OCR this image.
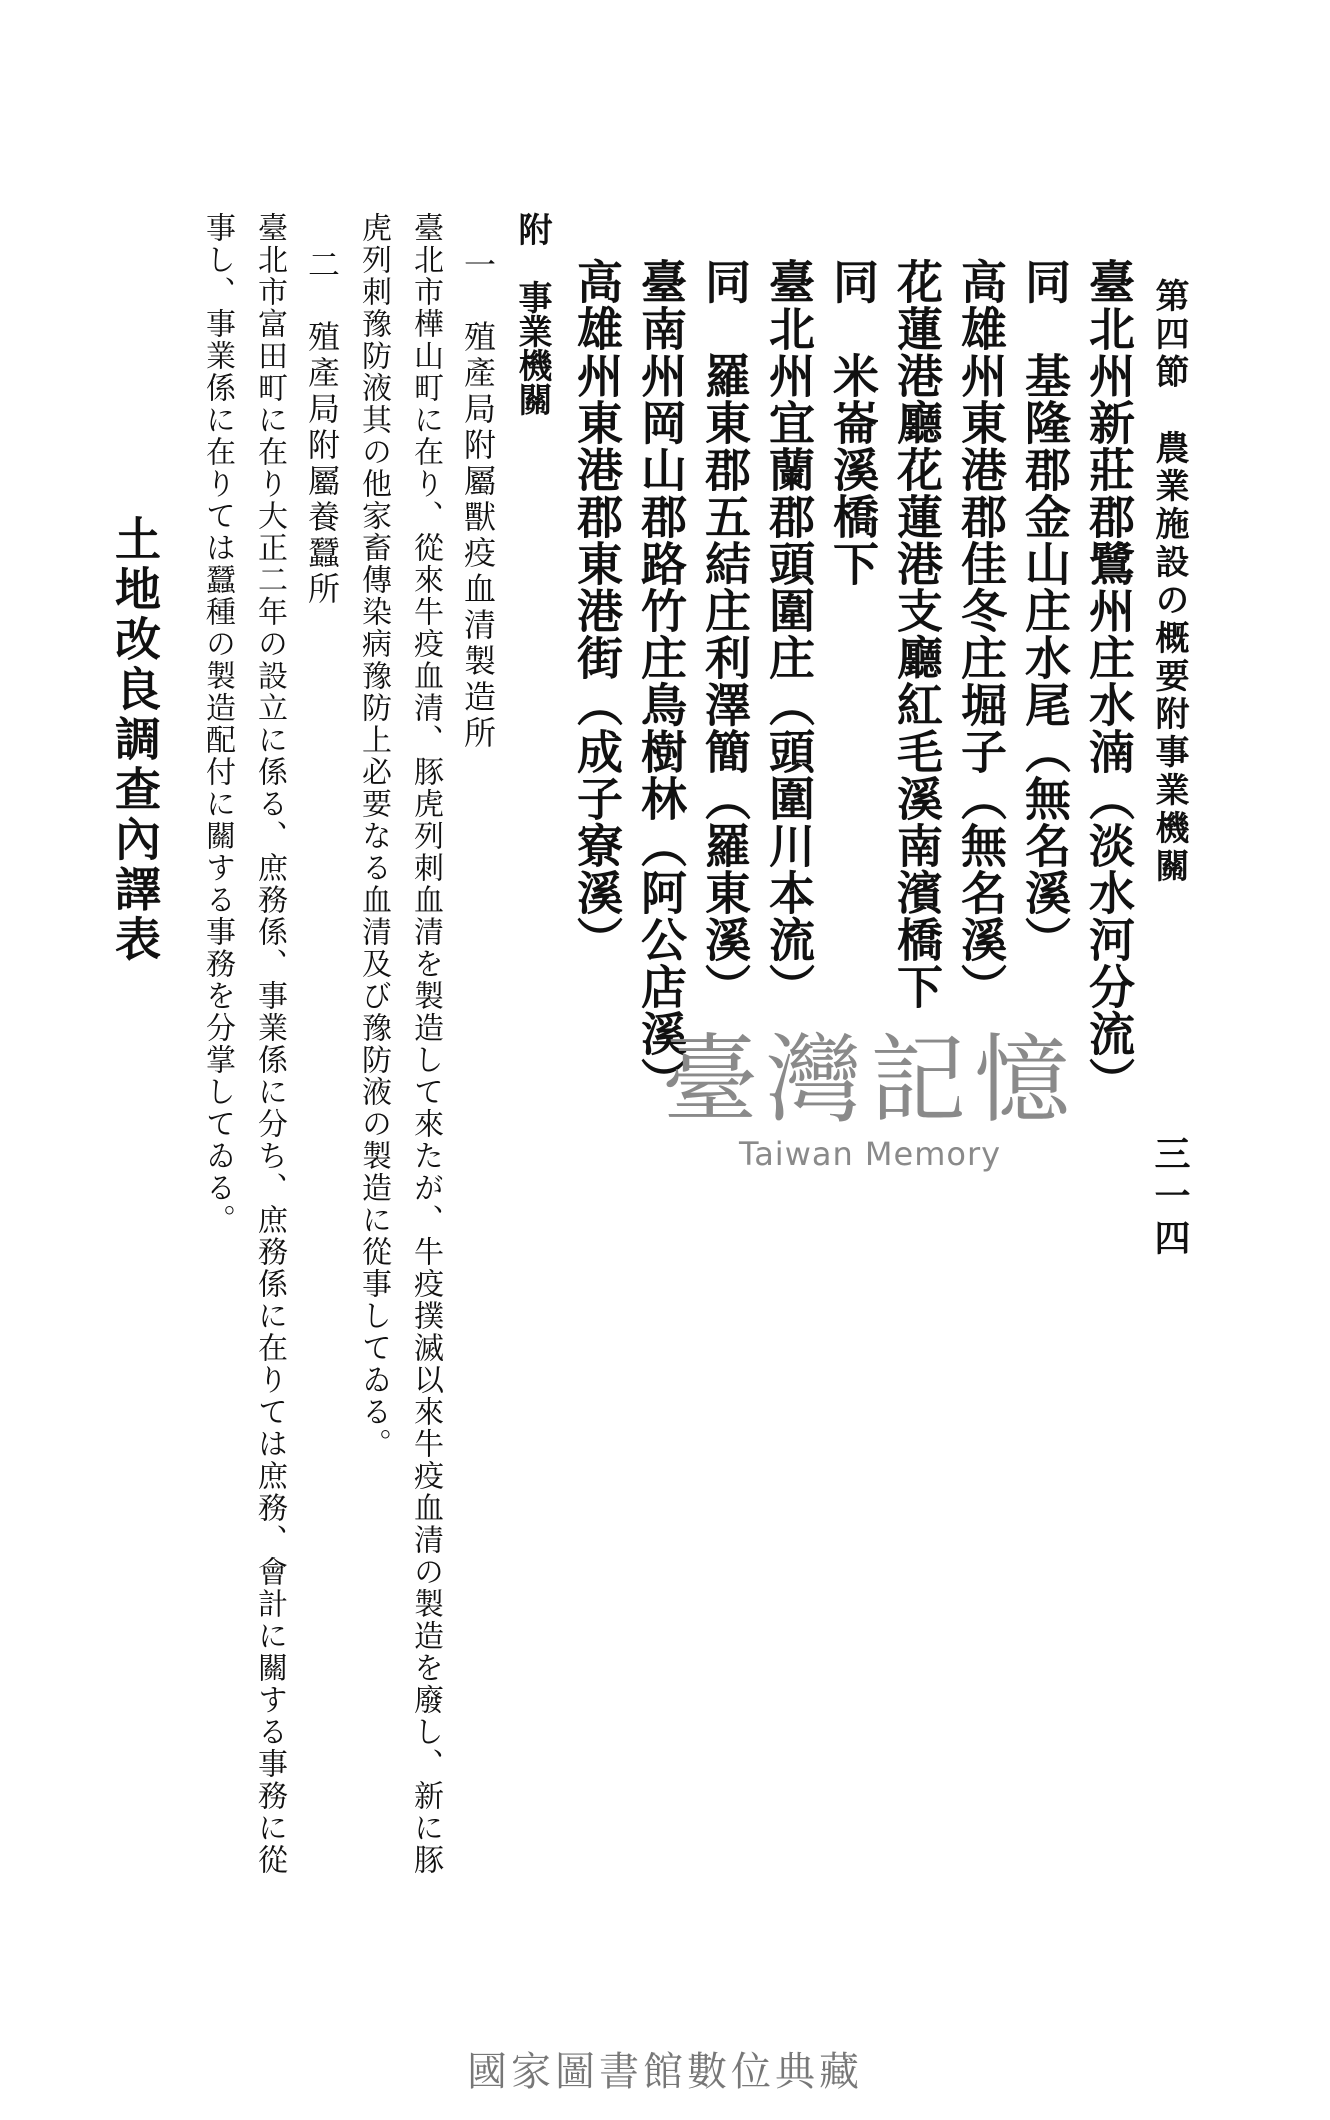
第四節　農業施設の概要附事業機關
三一四
臺北州新莊郡鷺州庄水湳（淡水河分流）
同　基隆郡金山庄水尾（無名溪）
高雄州東港郡佳冬庄堀子（無名溪）
花蓮港廳花蓮港支廳紅毛溪南濱橋下
同　米崙溪橋下
臺北州宜蘭郡頭圍庄（頭圍川本流）
同　羅東郡五結庄利澤簡（羅東溪）
臺南州岡山郡路竹庄鳥樹林（阿公店溪）
高雄州東港郡東港街（成子寮溪）
附　事業機關
一　殖產局附屬獸疫血清製造所
臺北市樺山町に在り、從來牛疫血清、豚虎列刺血清を製造して來たが、牛疫撲滅以來牛疫血清の製造を廢し、新に豚
虎列刺豫防液其の他家畜傳染病豫防上必要なる血清及び豫防液の製造に從事してゐる。
二　殖產局附屬養蠶所
臺北市富田町に在り大正二年の設立に係る、庶務係、事業係に分ち、庶務係に在りては庶務、會計に關する事務に從
事し、事業係に在りては蠶種の製造配付に關する事務を分掌してゐる。
土地改良調查內譯表
臺灣記憶
Taiwan Memory
國家圖書館數位典藏
